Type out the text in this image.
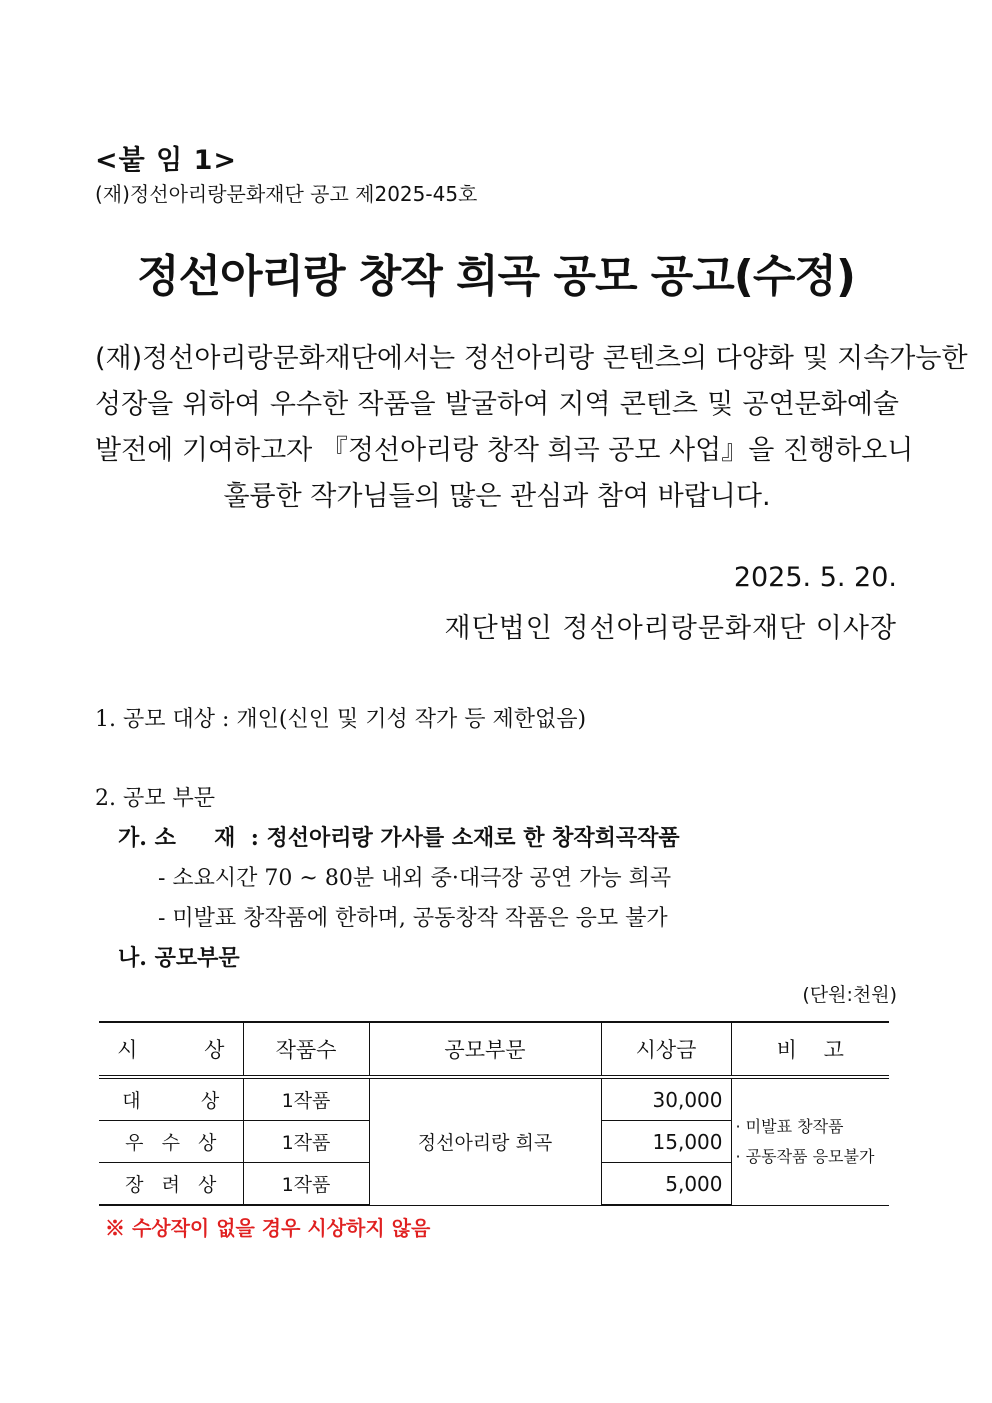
<붙 임 1>
(재)정선아리랑문화재단 공고 제2025-45호
정선아리랑 창작 희곡 공모 공고(수정)
(재)정선아리랑문화재단에서는 정선아리랑 콘텐츠의 다양화 및 지속가능한
성장을 위하여 우수한 작품을 발굴하여 지역 콘텐츠 및 공연문화예술
발전에 기여하고자 『정선아리랑 창작 희곡 공모 사업』을 진행하오니
훌륭한 작가님들의 많은 관심과 참여 바랍니다.
2025. 5. 20.
재단법인 정선아리랑문화재단 이사장
1. 공모 대상 : 개인(신인 및 기성 작가 등 제한없음)
2. 공모 부문
가. 소     재  : 정선아리랑 가사를 소재로 한 창작희곡작품
- 소요시간 70 ~ 80분 내외 중·대극장 공연 가능 희곡
- 미발표 창작품에 한하며, 공동창작 작품은 응모 불가
나. 공모부문
(단원:천원)
시          상	작품수	공모부문	시상금	비    고
대          상	1작품	정선아리랑 희곡	30,000	· 미발표 창작품
· 공동작품 응모불가

우   수   상	1작품		15,000	
장   려   상	1작품		5,000	
※ 수상작이 없을 경우 시상하지 않음
